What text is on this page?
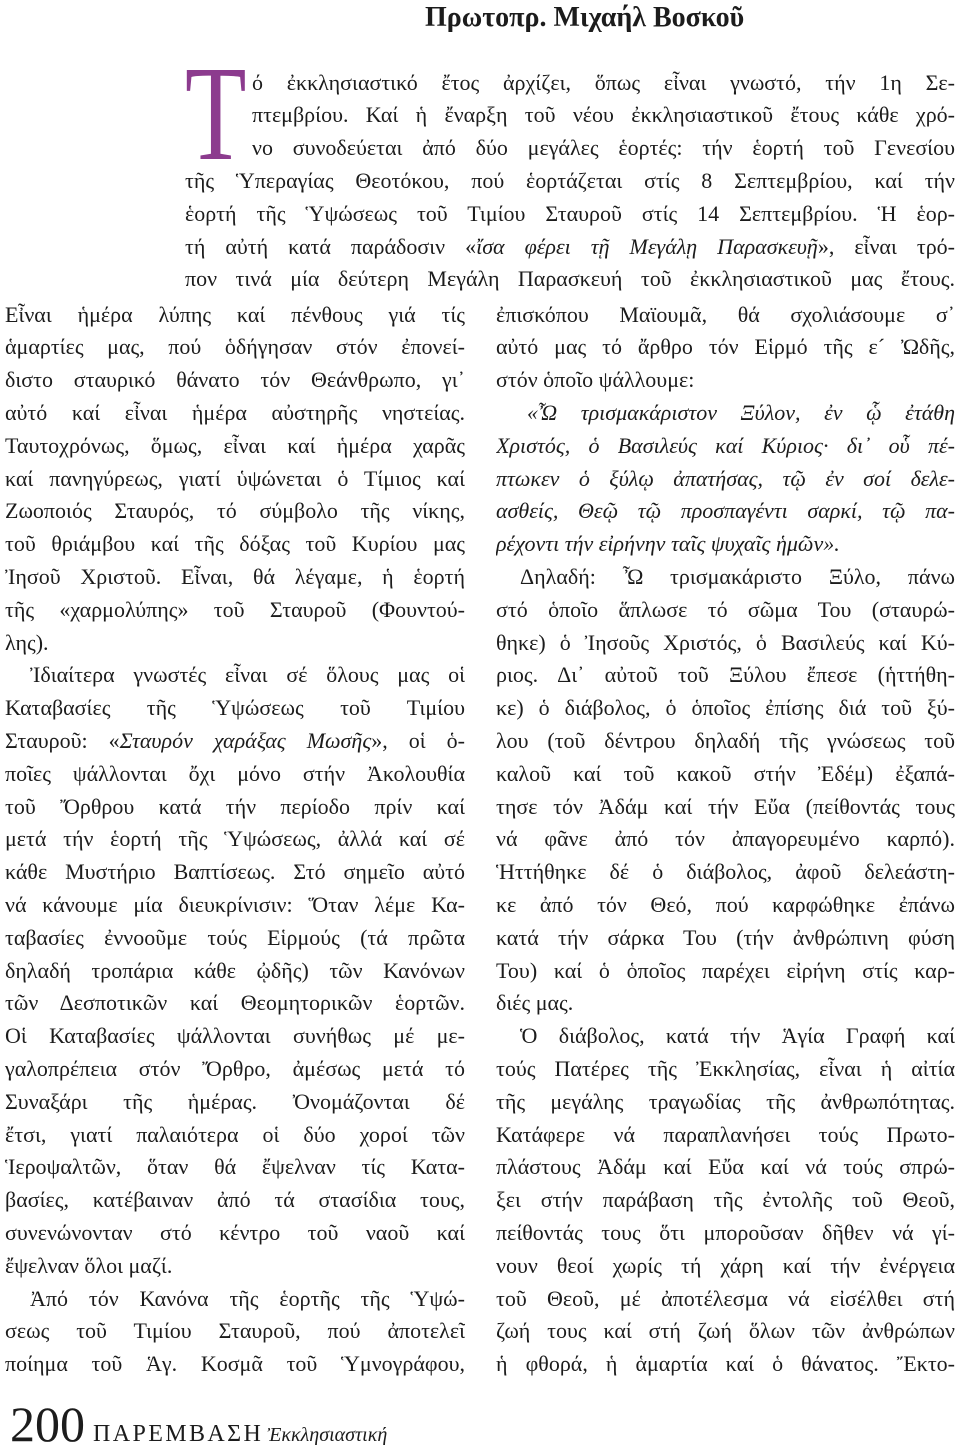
Πρωτοπρ. Μιχαήλ Βοσκοῦ
Τ ό ἐκκλησιαστικό ἔτος ἀρχίζει, ὅπως εἶναι γνωστό, τήν 1η Σε-
πτεμβρίου. Καί ἡ ἔναρξη τοῦ νέου ἐκκλησιαστικοῦ ἔτους κάθε χρό-
νο συνοδεύεται ἀπό δύο μεγάλες ἑορτές: τήν ἑορτή τοῦ Γενεσίου
τῆς Ὑπεραγίας Θεοτόκου, πού ἑορτάζεται στίς 8 Σεπτεμβρίου, καί τήν
ἑορτή τῆς Ὑψώσεως τοῦ Τιμίου Σταυροῦ στίς 14 Σεπτεμβρίου. Ἡ ἑορ-
τή αὐτή κατά παράδοσιν «ἴσα φέρει τῇ Μεγάλῃ Παρασκευῇ», εἶναι τρό-
πον τινά μία δεύτερη Μεγάλη Παρασκευή τοῦ ἐκκλησιαστικοῦ μας ἔτους.
Εἶναι ἡμέρα λύπης καί πένθους γιά τίς
ἁμαρτίες μας, πού ὁδήγησαν στόν ἐπονεί-
διστο σταυρικό θάνατο τόν Θεάνθρωπο, γι᾽
αὐτό καί εἶναι ἡμέρα αὐστηρῆς νηστείας.
Ταυτοχρόνως, ὅμως, εἶναι καί ἡμέρα χαρᾶς
καί πανηγύρεως, γιατί ὑψώνεται ὁ Τίμιος καί
Ζωοποιός Σταυρός, τό σύμβολο τῆς νίκης,
τοῦ θριάμβου καί τῆς δόξας τοῦ Κυρίου μας
Ἰησοῦ Χριστοῦ. Εἶναι, θά λέγαμε, ἡ ἑορτή
τῆς «χαρμολύπης» τοῦ Σταυροῦ (Φουντού-
λης).
Ἰδιαίτερα γνωστές εἶναι σέ ὅλους μας οἱ
Καταβασίες τῆς Ὑψώσεως τοῦ Τιμίου
Σταυροῦ: «Σταυρόν χαράξας Μωσῆς», οἱ ὁ-
ποῖες ψάλλονται ὄχι μόνο στήν Ἀκολουθία
τοῦ Ὄρθρου κατά τήν περίοδο πρίν καί
μετά τήν ἑορτή τῆς Ὑψώσεως, ἀλλά καί σέ
κάθε Μυστήριο Βαπτίσεως. Στό σημεῖο αὐτό
νά κάνουμε μία διευκρίνισιν: Ὅταν λέμε Κα-
ταβασίες ἐννοοῦμε τούς Εἱρμούς (τά πρῶτα
δηλαδή τροπάρια κάθε ᾠδῆς) τῶν Κανόνων
τῶν Δεσποτικῶν καί Θεομητορικῶν ἑορτῶν.
Οἱ Καταβασίες ψάλλονται συνήθως μέ με-
γαλοπρέπεια στόν Ὄρθρο, ἀμέσως μετά τό
Συναξάρι τῆς ἡμέρας. Ὀνομάζονται δέ
ἔτσι, γιατί παλαιότερα οἱ δύο χοροί τῶν
Ἱεροψαλτῶν, ὅταν θά ἔψελναν τίς Κατα-
βασίες, κατέβαιναν ἀπό τά στασίδια τους,
συνενώνονταν στό κέντρο τοῦ ναοῦ καί
ἔψελναν ὅλοι μαζί.
Ἀπό τόν Κανόνα τῆς ἑορτῆς τῆς Ὑψώ-
σεως τοῦ Τιμίου Σταυροῦ, πού ἀποτελεῖ
ποίημα τοῦ Ἁγ. Κοσμᾶ τοῦ Ὑμνογράφου,
ἐπισκόπου Μαϊουμᾶ, θά σχολιάσουμε σ᾽
αὐτό μας τό ἄρθρο τόν Εἱρμό τῆς ε´ Ὠδῆς,
στόν ὁποῖο ψάλλουμε:
«Ὦ τρισμακάριστον Ξύλον, ἐν ᾧ ἐτάθη
Χριστός, ὁ Βασιλεύς καί Κύριος· δι᾽ οὗ πέ-
πτωκεν ὁ ξύλῳ ἀπατήσας, τῷ ἐν σοί δελε-
ασθείς, Θεῷ τῷ προσπαγέντι σαρκί, τῷ πα-
ρέχοντι τήν εἰρήνην ταῖς ψυχαῖς ἡμῶν».
Δηλαδή: Ὦ τρισμακάριστο Ξύλο, πάνω
στό ὁποῖο ἅπλωσε τό σῶμα Του (σταυρώ-
θηκε) ὁ Ἰησοῦς Χριστός, ὁ Βασιλεύς καί Κύ-
ριος. Δι᾽ αὐτοῦ τοῦ Ξύλου ἔπεσε (ἡττήθη-
κε) ὁ διάβολος, ὁ ὁποῖος ἐπίσης διά τοῦ ξύ-
λου (τοῦ δέντρου δηλαδή τῆς γνώσεως τοῦ
καλοῦ καί τοῦ κακοῦ στήν Ἐδέμ) ἐξαπά-
τησε τόν Ἀδάμ καί τήν Εὔα (πείθοντάς τους
νά φᾶνε ἀπό τόν ἀπαγορευμένο καρπό).
Ἡττήθηκε δέ ὁ διάβολος, ἀφοῦ δελεάστη-
κε ἀπό τόν Θεό, πού καρφώθηκε ἐπάνω
κατά τήν σάρκα Του (τήν ἀνθρώπινη φύση
Του) καί ὁ ὁποῖος παρέχει εἰρήνη στίς καρ-
διές μας.
Ὁ διάβολος, κατά τήν Ἁγία Γραφή καί
τούς Πατέρες τῆς Ἐκκλησίας, εἶναι ἡ αἰτία
τῆς μεγάλης τραγωδίας τῆς ἀνθρωπότητας.
Κατάφερε νά παραπλανήσει τούς Πρωτο-
πλάστους Ἀδάμ καί Εὔα καί νά τούς σπρώ-
ξει στήν παράβαση τῆς ἐντολῆς τοῦ Θεοῦ,
πείθοντάς τους ὅτι μποροῦσαν δῆθεν νά γί-
νουν θεοί χωρίς τή χάρη καί τήν ἐνέργεια
τοῦ Θεοῦ, μέ ἀποτέλεσμα νά εἰσέλθει στή
ζωή τους καί στή ζωή ὅλων τῶν ἀνθρώπων
ἡ φθορά, ἡ ἁμαρτία καί ὁ θάνατος. Ἔκτο-
200 ΠΑΡΕΜΒΑΣΗ Ἐκκλησιαστική
